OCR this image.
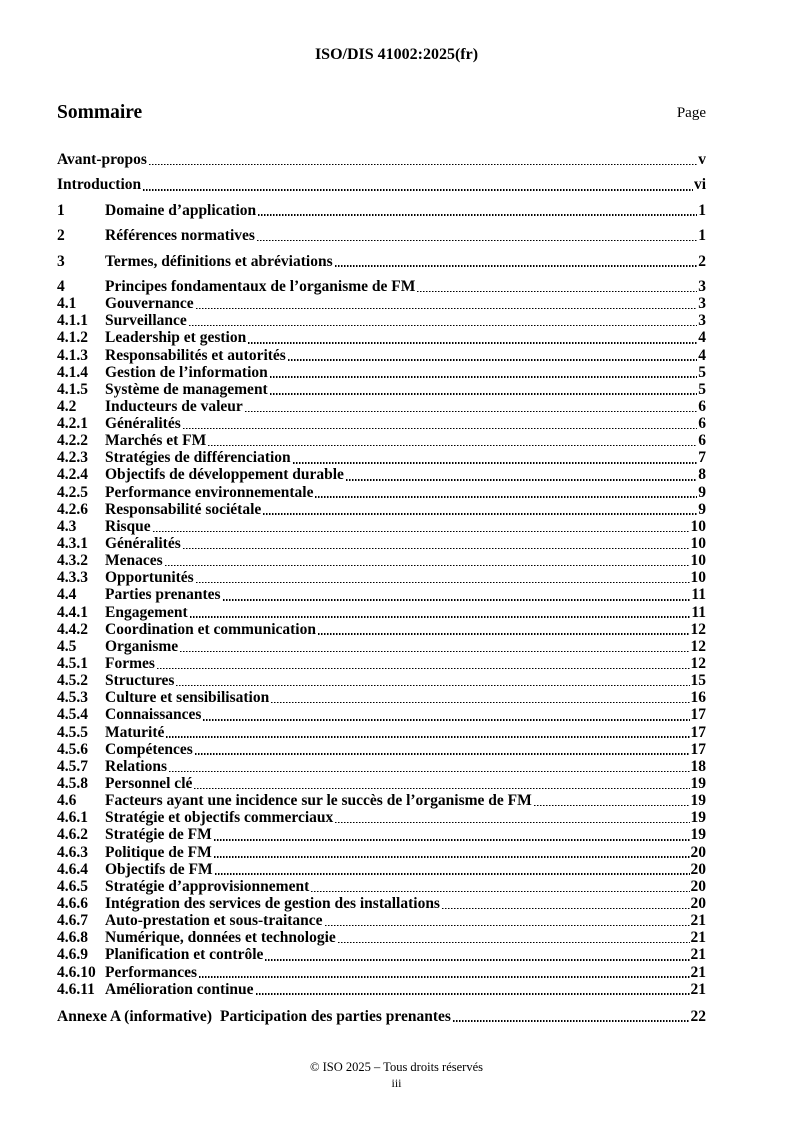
ISO/DIS 41002:2025(fr)
Sommaire	Page
Avant-propos	v
Introduction	vi
1	Domaine d’application	1
2	Références normatives	1
3	Termes, définitions et abréviations	2
4	Principes fondamentaux de l’organisme de FM	3
4.1	Gouvernance	3
4.1.1	Surveillance	3
4.1.2	Leadership et gestion	4
4.1.3	Responsabilités et autorités	4
4.1.4	Gestion de l’information	5
4.1.5	Système de management	5
4.2	Inducteurs de valeur	6
4.2.1	Généralités	6
4.2.2	Marchés et FM	6
4.2.3	Stratégies de différenciation	7
4.2.4	Objectifs de développement durable	8
4.2.5	Performance environnementale	9
4.2.6	Responsabilité sociétale	9
4.3	Risque	10
4.3.1	Généralités	10
4.3.2	Menaces	10
4.3.3	Opportunités	10
4.4	Parties prenantes	11
4.4.1	Engagement	11
4.4.2	Coordination et communication	12
4.5	Organisme	12
4.5.1	Formes	12
4.5.2	Structures	15
4.5.3	Culture et sensibilisation	16
4.5.4	Connaissances	17
4.5.5	Maturité	17
4.5.6	Compétences	17
4.5.7	Relations	18
4.5.8	Personnel clé	19
4.6	Facteurs ayant une incidence sur le succès de l’organisme de FM	19
4.6.1	Stratégie et objectifs commerciaux	19
4.6.2	Stratégie de FM	19
4.6.3	Politique de FM	20
4.6.4	Objectifs de FM	20
4.6.5	Stratégie d’approvisionnement	20
4.6.6	Intégration des services de gestion des installations	20
4.6.7	Auto-prestation et sous-traitance	21
4.6.8	Numérique, données et technologie	21
4.6.9	Planification et contrôle	21
4.6.10 Performances	21
4.6.11 Amélioration continue	21
Annexe A (informative) Participation des parties prenantes	22
© ISO 2025 – Tous droits réservés
iii
